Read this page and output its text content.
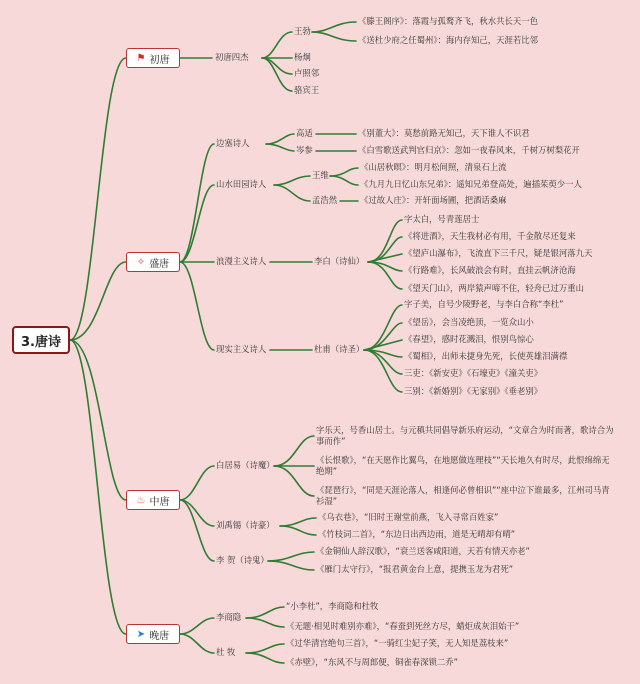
3.唐诗
⚑ 初唐
✧ 盛唐
♨ 中唐
➤ 晚唐
初唐四杰
王勃
《滕王阁序》：落霞与孤鹜齐飞，秋水共长天一色
《送杜少府之任蜀州》：海内存知己，天涯若比邻
杨炯
卢照邻
骆宾王
边塞诗人
高适	《别董大》：莫愁前路无知己，天下谁人不识君
岑参	《白雪歌送武判官归京》：忽如一夜春风来，千树万树梨花开
山水田园诗人
王维
《山居秋暝》：明月松间照，清泉石上流
《九月九日忆山东兄弟》：遥知兄弟登高处，遍插茱萸少一人
孟浩然	《过故人庄》：开轩面场圃，把酒话桑麻
浪漫主义诗人	李白（诗仙）
字太白，号青莲居士
《将进酒》，天生我材必有用，千金散尽还复来
《望庐山瀑布》，飞流直下三千尺，疑是银河落九天
《行路难》，长风破浪会有时，直挂云帆济沧海
《望天门山》，两岸猿声啼不住，轻舟已过万重山
现实主义诗人	杜甫（诗圣）
字子美，自号少陵野老，与李白合称“李杜”
《望岳》，会当凌绝顶，一览众山小
《春望》，感时花溅泪，恨别鸟惊心
《蜀相》，出师未捷身先死，长使英雄泪满襟
三吏：《新安吏》《石壕吏》《潼关吏》
三别：《新婚别》《无家别》《垂老别》
白居易（诗魔）
字乐天，号香山居士。与元稹共同倡导新乐府运动，“文章合为时而著，歌诗合为事而作”
《长恨歌》，“在天愿作比翼鸟，在地愿做连理枝”“天长地久有时尽，此恨绵绵无绝期”
《琵琶行》，“同是天涯沦落人，相逢何必曾相识”“座中泣下谁最多，江州司马青衫湿”
刘禹锡（诗豪）
《乌衣巷》，“旧时王谢堂前燕，飞入寻常百姓家”
《竹枝词二首》，“东边日出西边雨，道是无晴却有晴”
李 贺（诗鬼）
《金铜仙人辞汉歌》，“衰兰送客咸阳道，天若有情天亦老”
《雁门太守行》，“报君黄金台上意，提携玉龙为君死”
李商隐
“小李杜”，李商隐和杜牧
《无题·相见时难别亦难》，“春蚕到死丝方尽，蜡炬成灰泪始干”
杜 牧
《过华清宫绝句三首》，“一骑红尘妃子笑，无人知是荔枝来”
《赤壁》，“东风不与周郎便，铜雀春深锁二乔”
